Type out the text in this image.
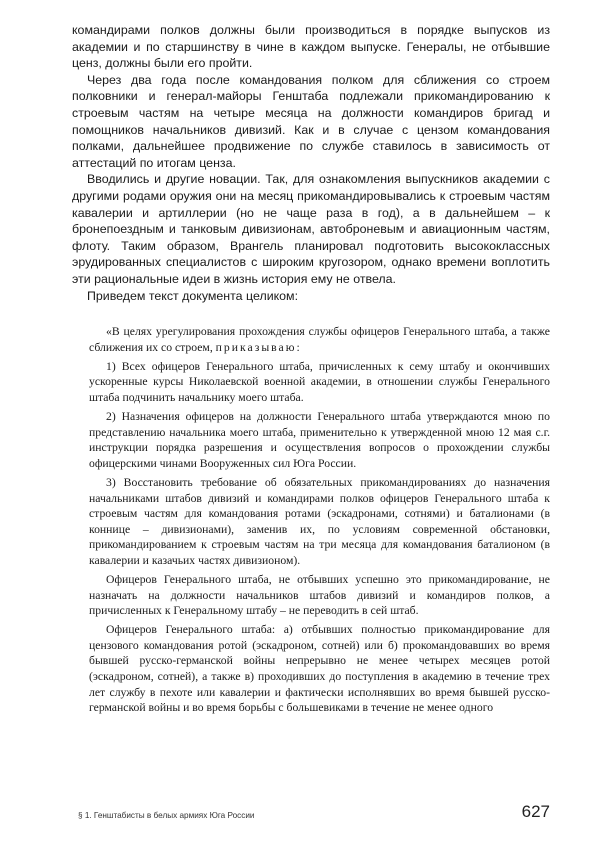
командирами полков должны были производиться в порядке выпусков из академии и по старшинству в чине в каждом выпуске. Генералы, не отбывшие ценз, должны были его пройти.

Через два года после командования полком для сближения со строем полковники и генерал-майоры Генштаба подлежали прикомандированию к строевым частям на четыре месяца на должности командиров бригад и помощников начальников дивизий. Как и в случае с цензом командования полками, дальнейшее продвижение по службе ставилось в зависимость от аттестаций по итогам ценза.

Вводились и другие новации. Так, для ознакомления выпускников академии с другими родами оружия они на месяц прикомандировывались к строевым частям кавалерии и артиллерии (но не чаще раза в год), а в дальнейшем – к бронепоездным и танковым дивизионам, автоброневым и авиационным частям, флоту. Таким образом, Врангель планировал подготовить высококлассных эрудированных специалистов с широким кругозором, однако времени воплотить эти рациональные идеи в жизнь история ему не отвела.

Приведем текст документа целиком:

«В целях урегулирования прохождения службы офицеров Генерального штаба, а также сближения их со строем, приказываю:

1) Всех офицеров Генерального штаба, причисленных к сему штабу и окончивших ускоренные курсы Николаевской военной академии, в отношении службы Генерального штаба подчинить начальнику моего штаба.

2) Назначения офицеров на должности Генерального штаба утверждаются мною по представлению начальника моего штаба, применительно к утвержденной мною 12 мая с.г. инструкции порядка разрешения и осуществления вопросов о прохождении службы офицерскими чинами Вооруженных сил Юга России.

3) Восстановить требование об обязательных прикомандированиях до назначения начальниками штабов дивизий и командирами полков офицеров Генерального штаба к строевым частям для командования ротами (эскадронами, сотнями) и баталионами (в коннице – дивизионами), заменив их, по условиям современной обстановки, прикомандированием к строевым частям на три месяца для командования баталионом (в кавалерии и казачьих частях дивизионом).

Офицеров Генерального штаба, не отбывших успешно это прикомандирование, не назначать на должности начальников штабов дивизий и командиров полков, а причисленных к Генеральному штабу – не переводить в сей штаб.

Офицеров Генерального штаба: а) отбывших полностью прикомандирование для цензового командования ротой (эскадроном, сотней) или б) прокомандовавших во время бывшей русско-германской войны непрерывно не менее четырех месяцев ротой (эскадроном, сотней), а также в) проходивших до поступления в академию в течение трех лет службу в пехоте или кавалерии и фактически исполнявших во время бывшей русско-германской войны и во время борьбы с большевиками в течение не менее одного

§ 1. Генштабисты в белых армиях Юга России	627
